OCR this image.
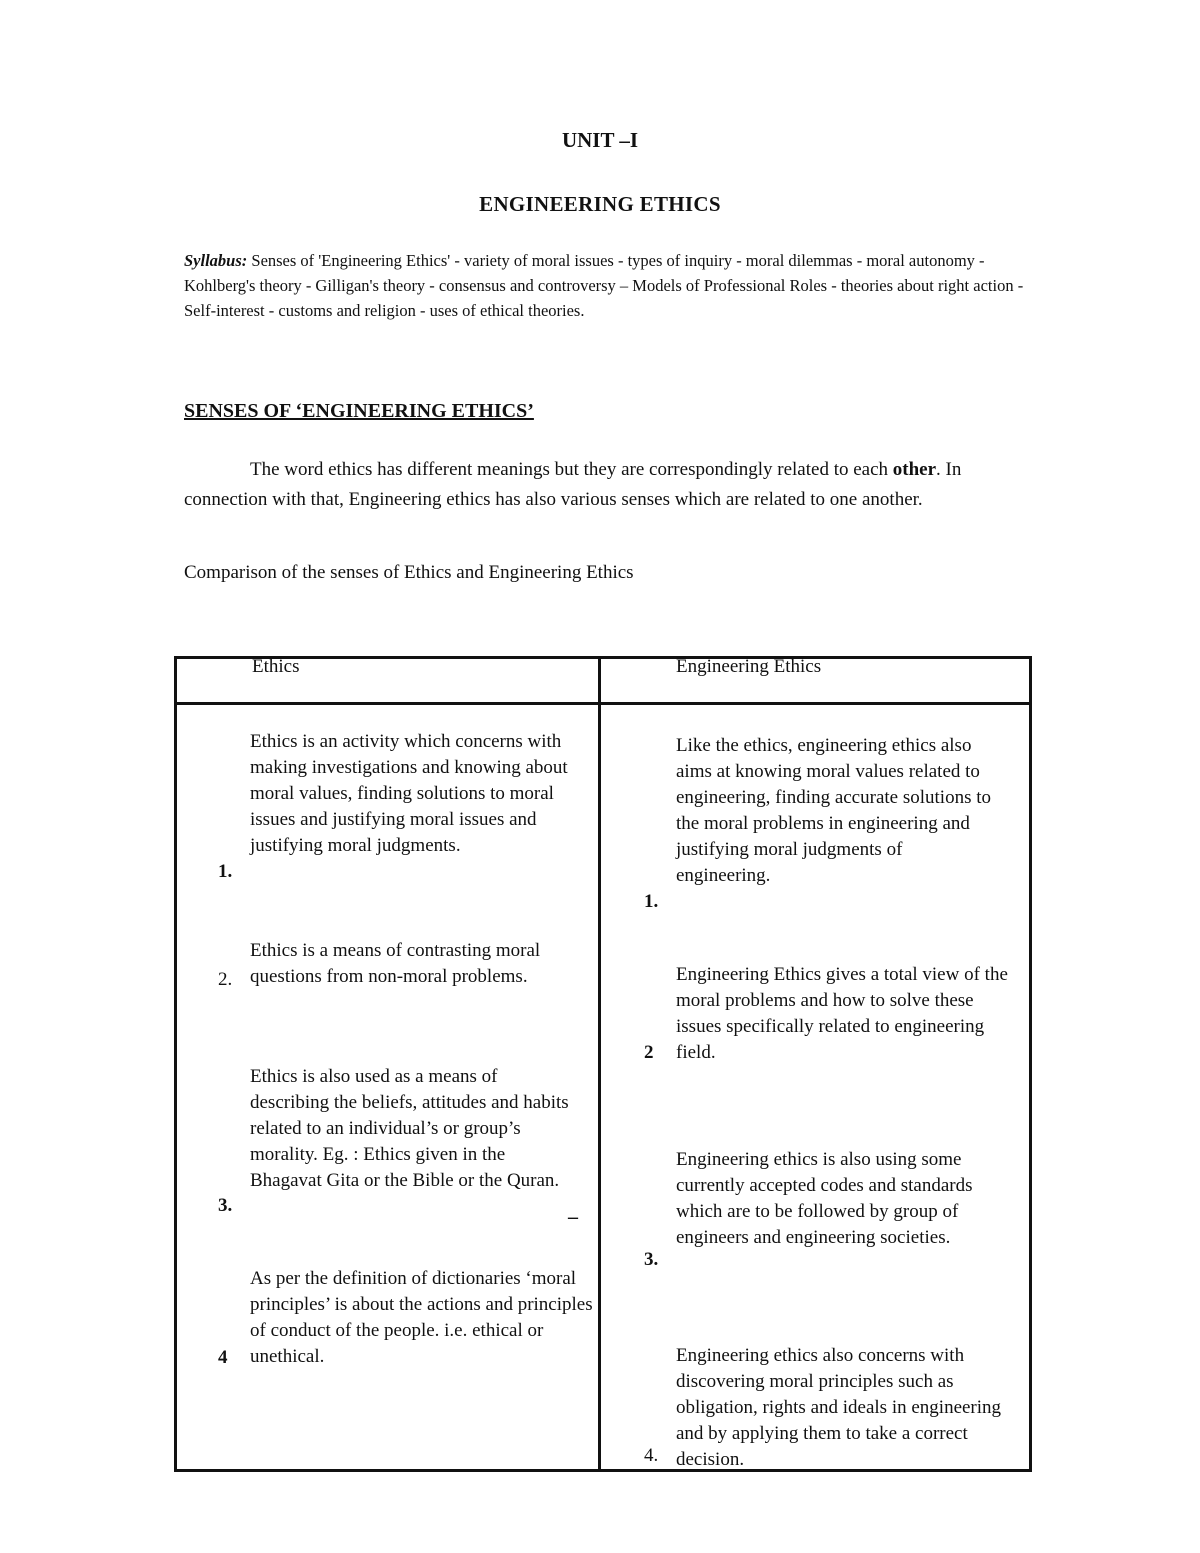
UNIT –I
ENGINEERING ETHICS
Syllabus: Senses of 'Engineering Ethics' - variety of moral issues - types of inquiry - moral dilemmas - moral autonomy - Kohlberg's theory - Gilligan's theory - consensus and controversy – Models of Professional Roles - theories about right action - Self-interest - customs and religion - uses of ethical theories.
SENSES OF ‘ENGINEERING ETHICS’
The word ethics has different meanings but they are correspondingly related to each other. In connection with that, Engineering ethics has also various senses which are related to one another.
Comparison of the senses of Ethics and Engineering Ethics
Ethics	Engineering Ethics
Ethics is an activity which concerns with making investigations and knowing about moral values, finding solutions to moral issues and justifying moral issues and justifying moral judgments.
1.
Ethics is a means of contrasting moral questions from non-moral problems.
2.
Ethics is also used as a means of describing the beliefs, attitudes and habits related to an individual’s or group’s morality. Eg. : Ethics given in the Bhagavat Gita or the Bible or the Quran.
3.
–
As per the definition of dictionaries ‘moral principles’ is about the actions and principles of conduct of the people. i.e. ethical or unethical.
4
Like the ethics, engineering ethics also aims at knowing moral values related to engineering, finding accurate solutions to the moral problems in engineering and justifying moral judgments of engineering.
1.
Engineering Ethics gives a total view of the moral problems and how to solve these issues specifically related to engineering field.
2
Engineering ethics is also using some currently accepted codes and standards which are to be followed by group of engineers and engineering societies.
3.
Engineering ethics also concerns with discovering moral principles such as obligation, rights and ideals in engineering and by applying them to take a correct decision.
4.
